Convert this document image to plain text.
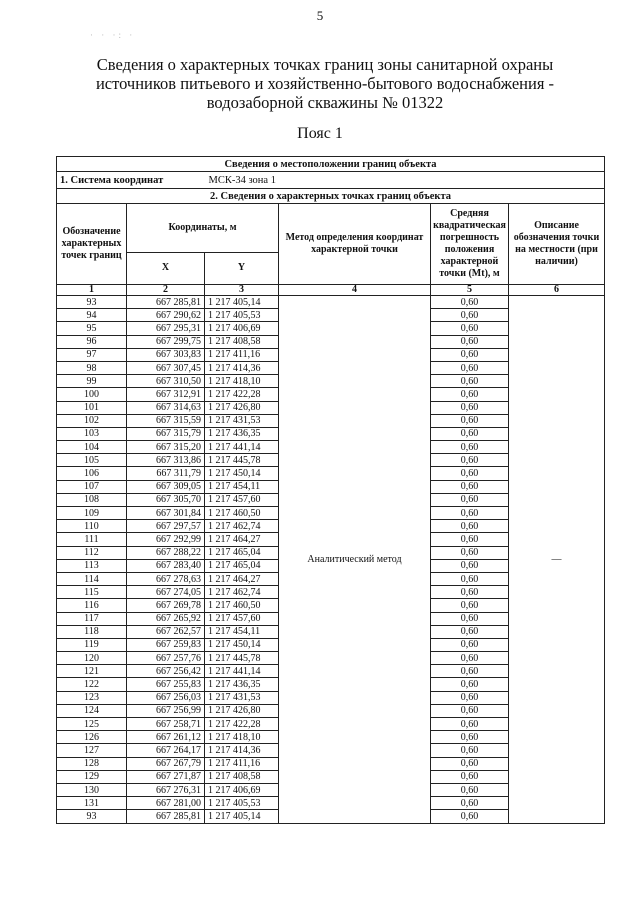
5
· · ·: ·
Сведения о характерных точках границ зоны санитарной охраны источников питьевого и хозяйственно-бытового водоснабжения - водозаборной скважины № 01322
Пояс 1
Сведения о местоположении границ объекта					
1. Система координат		МСК-34 зона 1			
2. Сведения о характерных точках границ объекта					
Обозначение характерных точек границ	Координаты, м		Метод определения координат характерной точки	Средняя квадратическая погрешность положения характерной точки (Mt), м	Описание обозначения точки на местности (при наличии)
	X	Y			
1	2	3	4	5	6
93	667 285,81	1 217 405,14	Аналитический метод	0,60	—
94	667 290,62	1 217 405,53		0,60	
95	667 295,31	1 217 406,69		0,60	
96	667 299,75	1 217 408,58		0,60	
97	667 303,83	1 217 411,16		0,60	
98	667 307,45	1 217 414,36		0,60	
99	667 310,50	1 217 418,10		0,60	
100	667 312,91	1 217 422,28		0,60	
101	667 314,63	1 217 426,80		0,60	
102	667 315,59	1 217 431,53		0,60	
103	667 315,79	1 217 436,35		0,60	
104	667 315,20	1 217 441,14		0,60	
105	667 313,86	1 217 445,78		0,60	
106	667 311,79	1 217 450,14		0,60	
107	667 309,05	1 217 454,11		0,60	
108	667 305,70	1 217 457,60		0,60	
109	667 301,84	1 217 460,50		0,60	
110	667 297,57	1 217 462,74		0,60	
111	667 292,99	1 217 464,27		0,60	
112	667 288,22	1 217 465,04		0,60	
113	667 283,40	1 217 465,04		0,60	
114	667 278,63	1 217 464,27		0,60	
115	667 274,05	1 217 462,74		0,60	
116	667 269,78	1 217 460,50		0,60	
117	667 265,92	1 217 457,60		0,60	
118	667 262,57	1 217 454,11		0,60	
119	667 259,83	1 217 450,14		0,60	
120	667 257,76	1 217 445,78		0,60	
121	667 256,42	1 217 441,14		0,60	
122	667 255,83	1 217 436,35		0,60	
123	667 256,03	1 217 431,53		0,60	
124	667 256,99	1 217 426,80		0,60	
125	667 258,71	1 217 422,28		0,60	
126	667 261,12	1 217 418,10		0,60	
127	667 264,17	1 217 414,36		0,60	
128	667 267,79	1 217 411,16		0,60	
129	667 271,87	1 217 408,58		0,60	
130	667 276,31	1 217 406,69		0,60	
131	667 281,00	1 217 405,53		0,60	
93	667 285,81	1 217 405,14		0,60	
